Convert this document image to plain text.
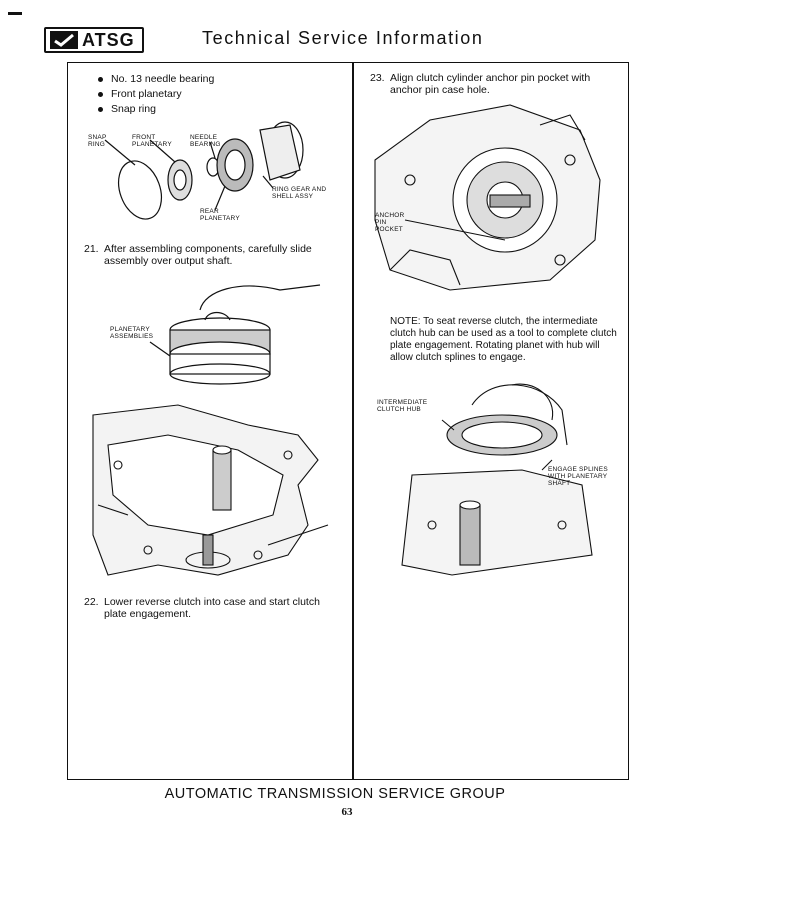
ATSG	Technical Service Information
No. 13 needle bearing
Front planetary
Snap ring
SNAP RING
FRONT PLANETARY
NEEDLE BEARING
RING GEAR AND SHELL ASSY
REAR PLANETARY
21. After assembling components, carefully slide assembly over output shaft.
PLANETARY ASSEMBLIES
22. Lower reverse clutch into case and start clutch plate engagement.
23. Align clutch cylinder anchor pin pocket with anchor pin case hole.
ANCHOR PIN POCKET
NOTE: To seat reverse clutch, the intermediate clutch hub can be used as a tool to complete clutch plate engagement. Rotating planet with hub will allow clutch splines to engage.
INTERMEDIATE CLUTCH HUB
ENGAGE SPLINES WITH PLANETARY SHAFT
AUTOMATIC TRANSMISSION SERVICE GROUP
63
